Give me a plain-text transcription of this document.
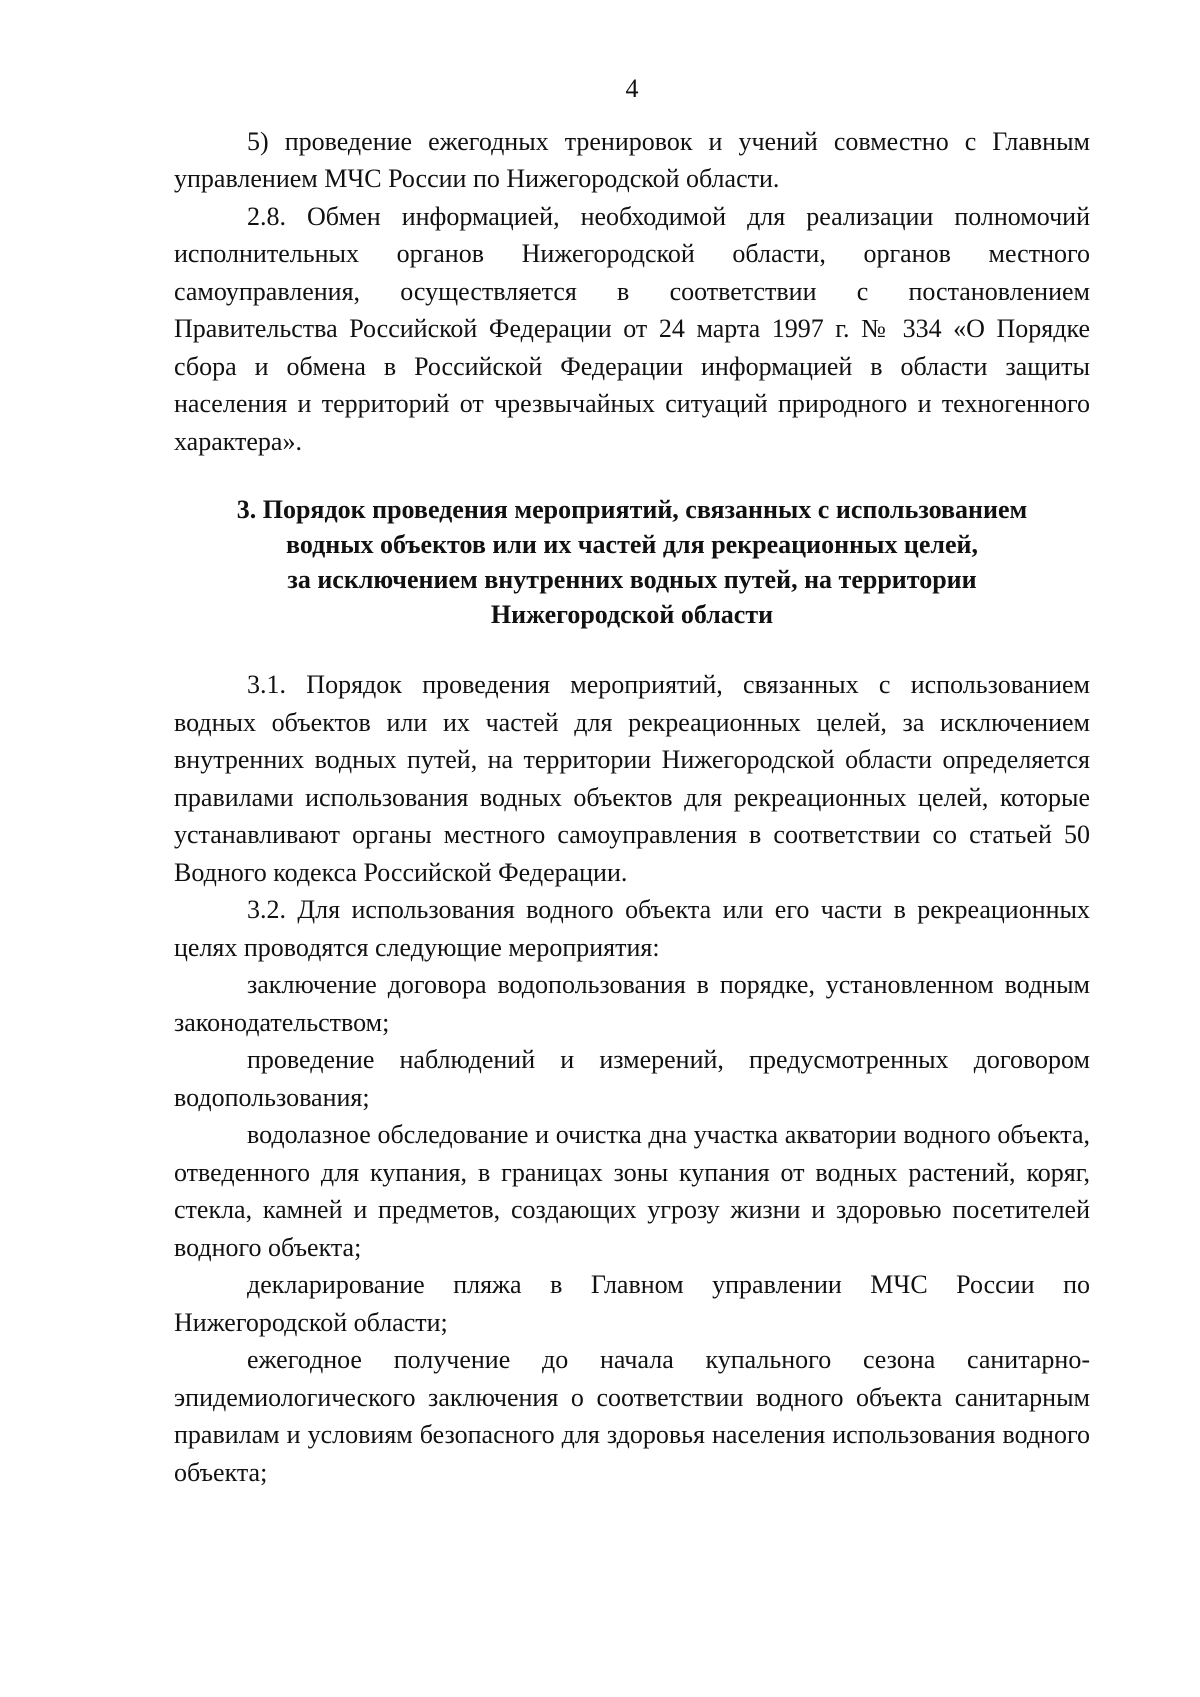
4

5) проведение ежегодных тренировок и учений совместно с Главным управлением МЧС России по Нижегородской области.

2.8. Обмен информацией, необходимой для реализации полномочий исполнительных органов Нижегородской области, органов местного самоуправления, осуществляется в соответствии с постановлением Правительства Российской Федерации от 24 марта 1997 г. № 334 «О Порядке сбора и обмена в Российской Федерации информацией в области защиты населения и территорий от чрезвычайных ситуаций природного и техногенного характера».

3. Порядок проведения мероприятий, связанных с использованием
водных объектов или их частей для рекреационных целей,
за исключением внутренних водных путей, на территории
Нижегородской области

3.1. Порядок проведения мероприятий, связанных с использованием водных объектов или их частей для рекреационных целей, за исключением внутренних водных путей, на территории Нижегородской области определяется правилами использования водных объектов для рекреационных целей, которые устанавливают органы местного самоуправления в соответствии со статьей 50 Водного кодекса Российской Федерации.

3.2. Для использования водного объекта или его части в рекреационных целях проводятся следующие мероприятия:

заключение договора водопользования в порядке, установленном водным законодательством;

проведение наблюдений и измерений, предусмотренных договором водопользования;

водолазное обследование и очистка дна участка акватории водного объекта, отведенного для купания, в границах зоны купания от водных растений, коряг, стекла, камней и предметов, создающих угрозу жизни и здоровью посетителей водного объекта;

декларирование пляжа в Главном управлении МЧС России по Нижегородской области;

ежегодное получение до начала купального сезона санитарно-эпидемиологического заключения о соответствии водного объекта санитарным правилам и условиям безопасного для здоровья населения использования водного объекта;
